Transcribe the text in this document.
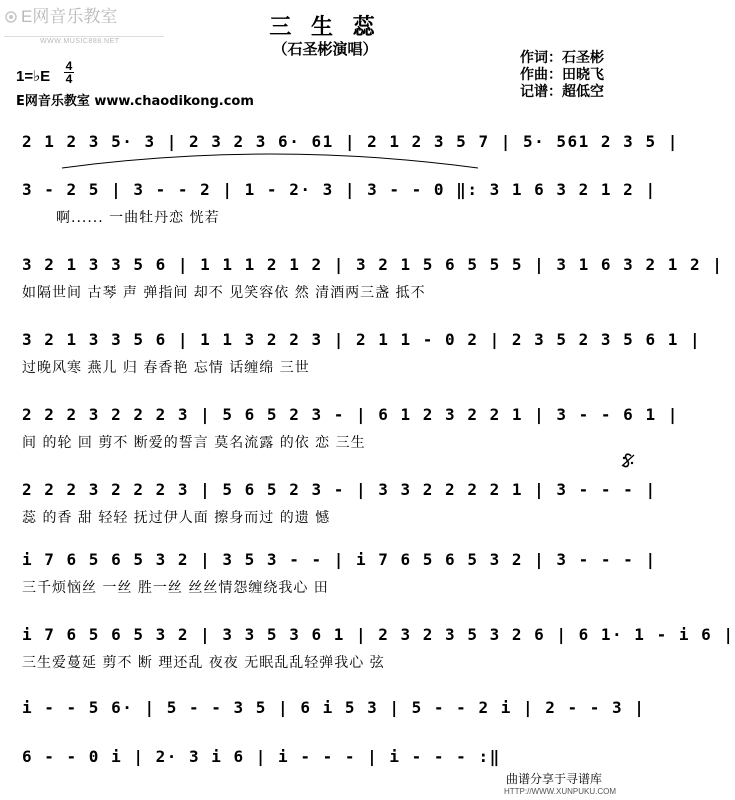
E网音乐教室
WWW.MUSIC888.NET
三 生 蕊
（石圣彬演唱）	作词：石圣彬
作曲：田晓飞
记谱：超低空
1=♭E
4
4
E网音乐教室 www.chaodikong.com
2 1 2 3 5· 3 | 2 3 2 3 6· 61 | 2 1 2 3 5 7 | 5· 561 2 3 5 |
3 - 2 5 | 3 - - 2 | 1 - 2· 3 | 3 - - 0 ‖: 3 1 6 3 2 1 2 |
啊...... 一曲牡丹恋 恍若
3 2 1 3 3 5 6 | 1 1 1 2 1 2 | 3 2 1 5 6 5 5 5 | 3 1 6 3 2 1 2 |
如隔世间 古琴 声 弹指间 却不 见笑容依 然 清酒两三盏 抵不
3 2 1 3 3 5 6 | 1 1 3 2 2 3 | 2 1 1 - 0 2 | 2 3 5 2 3 5 6 1 |
过晚风寒 燕儿 归 春香艳 忘情 话缠绵 三世
2 2 2 3 2 2 2 3 | 5 6 5 2 3 - | 6 1 2 3 2 2 1 | 3 - - 6 1 |
间 的轮 回 剪不 断爱的誓言 莫名流露 的依 恋 三生
2 2 2 3 2 2 2 3 | 5 6 5 2 3 - | 3 3 2 2 2 2 1 | 3 - - - |
蕊 的香 甜 轻轻 抚过伊人面 擦身而过 的遗 憾
i 7 6 5 6 5 3 2 | 3 5 3 - - | i 7 6 5 6 5 3 2 | 3 - - - |
三千烦恼丝 一丝 胜一丝 丝丝情怨缠绕我心 田
i 7 6 5 6 5 3 2 | 3 3 5 3 6 1 | 2 3 2 3 5 3 2 6 | 6 1· 1 - i 6 |
三生爱蔓延 剪不 断 理还乱 夜夜 无眠乱乱轻弹我心 弦
i - - 5 6· | 5 - - 3 5 | 6 i 5 3 | 5 - - 2 i | 2 - - 3 |
6 - - 0 i | 2· 3 i 6 | i - - - | i - - - :‖
曲谱分享于寻谱库
HTTP://WWW.XUNPUKU.COM
